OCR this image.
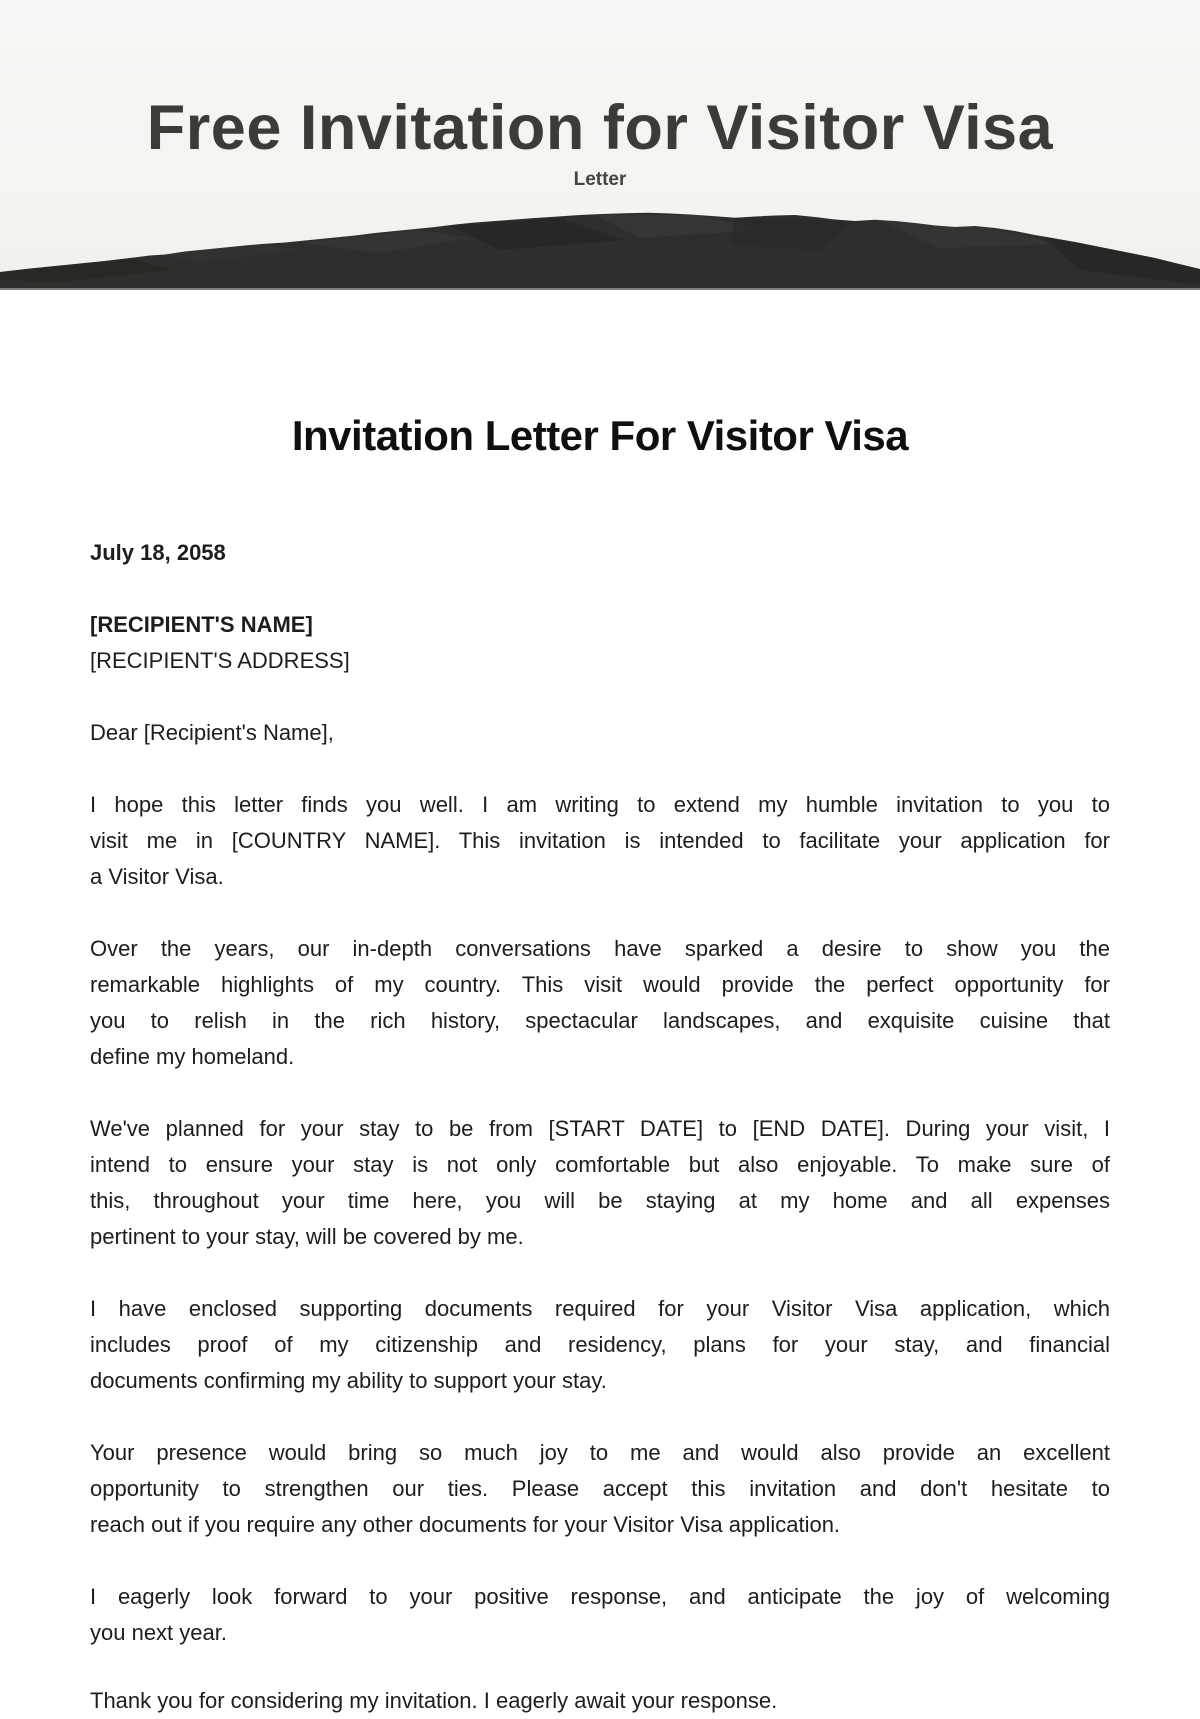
Free Invitation for Visitor Visa
Letter
Invitation Letter For Visitor Visa
July 18, 2058
[RECIPIENT'S NAME]
[RECIPIENT'S ADDRESS]
Dear [Recipient's Name],

I hope this letter finds you well. I am writing to extend my humble invitation to you to
visit me in [COUNTRY NAME]. This invitation is intended to facilitate your application for
a Visitor Visa.

Over the years, our in-depth conversations have sparked a desire to show you the
remarkable highlights of my country. This visit would provide the perfect opportunity for
you to relish in the rich history, spectacular landscapes, and exquisite cuisine that
define my homeland.

We've planned for your stay to be from [START DATE] to [END DATE]. During your visit, I
intend to ensure your stay is not only comfortable but also enjoyable. To make sure of
this, throughout your time here, you will be staying at my home and all expenses
pertinent to your stay, will be covered by me.

I have enclosed supporting documents required for your Visitor Visa application, which
includes proof of my citizenship and residency, plans for your stay, and financial
documents confirming my ability to support your stay.

Your presence would bring so much joy to me and would also provide an excellent
opportunity to strengthen our ties. Please accept this invitation and don't hesitate to
reach out if you require any other documents for your Visitor Visa application.

I eagerly look forward to your positive response, and anticipate the joy of welcoming
you next year.

Thank you for considering my invitation. I eagerly await your response.
